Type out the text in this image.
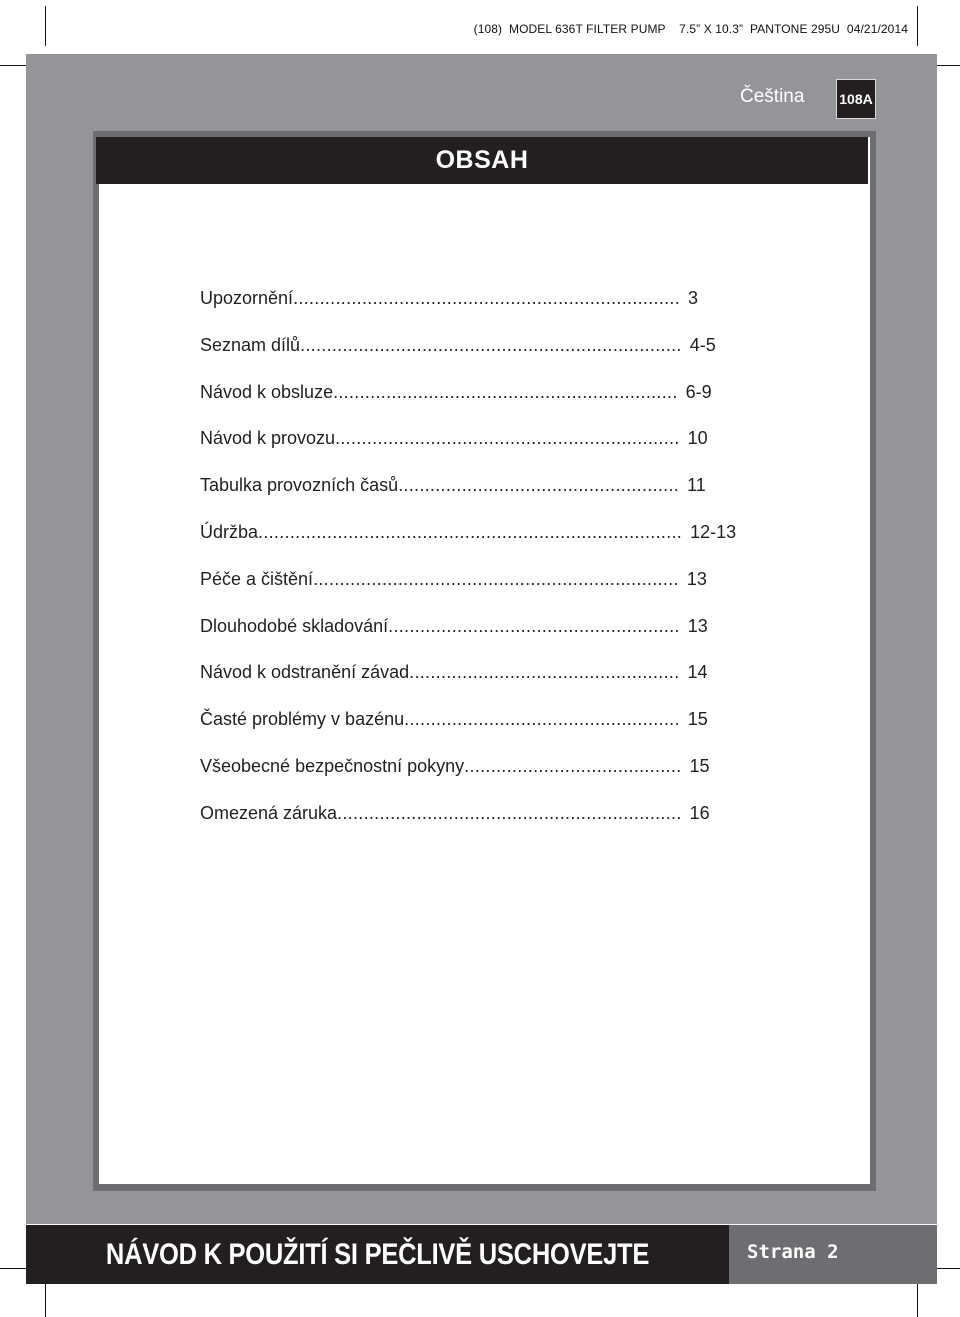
(108)  MODEL 636T FILTER PUMP    7.5” X 10.3”  PANTONE 295U  04/21/2014
Čeština 108A
OBSAH
Upozornění ......................................................................... 3
Seznam dílů ........................................................................ 4-5
Návod k obsluze ................................................................. 6-9
Návod k provozu ................................................................. 10
Tabulka provozních časů ..................................................... 11
Údržba ................................................................................ 12-13
Péče a čištění ..................................................................... 13
Dlouhodobé skladování ....................................................... 13
Návod k odstranění závad ................................................... 14
Časté problémy v bazénu .................................................... 15
Všeobecné bezpečnostní pokyny ......................................... 15
Omezená záruka ................................................................. 16
NÁVOD K POUŽITÍ SI PEČLIVĚ USCHOVEJTE	Strana 2
